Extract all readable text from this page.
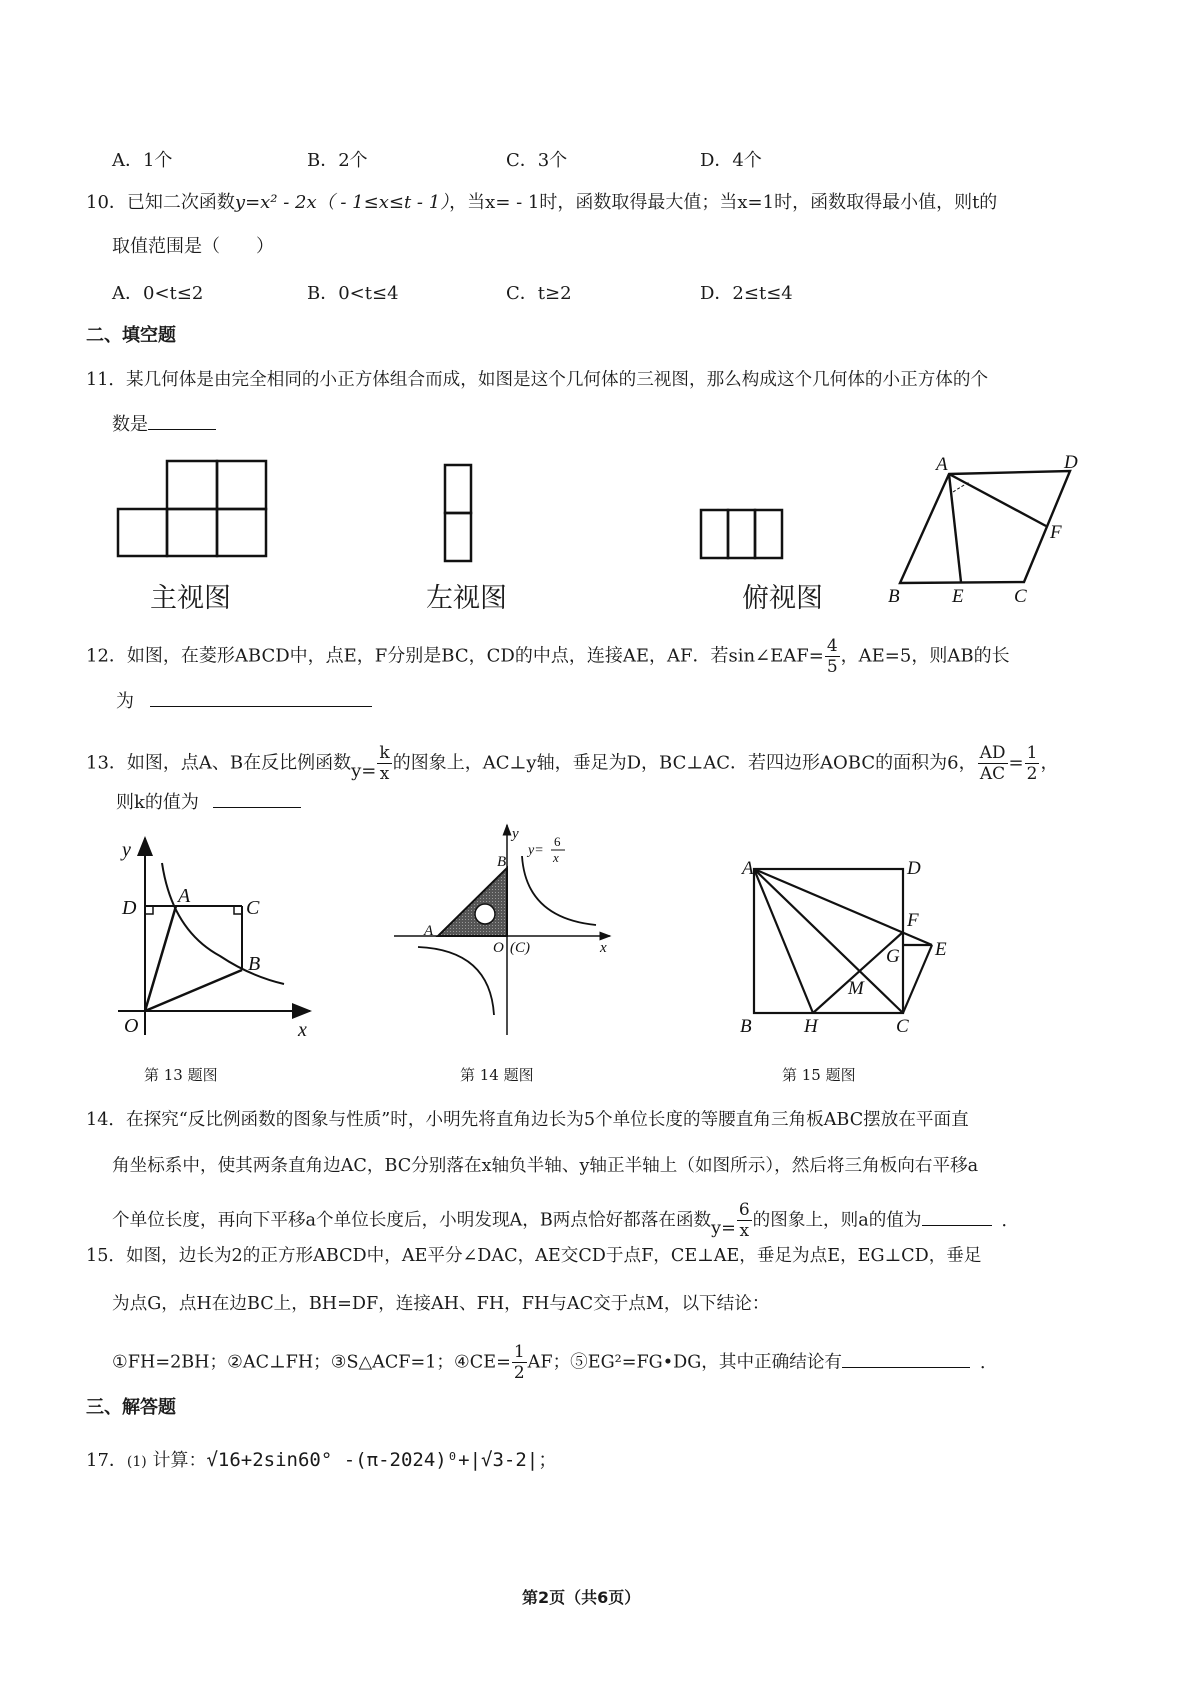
A．1个	B．2个	C．3个	D．4个
10．已知二次函数y=x² - 2x（ - 1≤x≤t - 1），当x= - 1时，函数取得最大值；当x=1时，函数取得最小值，则t的
取值范围是（　　）
A．0<t≤2	B．0<t≤4	C．t≥2	D．2≤t≤4
二、填空题
11．某几何体是由完全相同的小正方体组合而成，如图是这个几何体的三视图，那么构成这个几何体的小正方体的个
数是
主视图	左视图	俯视图
A	D
F
B	E	C
12．如图，在菱形ABCD中，点E，F分别是BC，CD的中点，连接AE，AF．若sin∠EAF= $\frac{4}{5}$ ，AE=5，则AB的长
为
13．如图，点A、B在反比例函数$y= \frac{k}{x}$ 的图象上，AC⊥y轴，垂足为D，BC⊥AC．若四边形AOBC的面积为6， $\frac{AD}{AC} = \frac{1}{2}$ ，
则k的值为
y
D
A
C
B
O	x
第 13 题图
y
B
A
O (C)	x
y=
6
x
第 14 题图
A	D
F
E
G
M
B	H	C
第 15 题图
14．在探究“反比例函数的图象与性质”时，小明先将直角边长为5个单位长度的等腰直角三角板ABC摆放在平面直
角坐标系中，使其两条直角边AC，BC分别落在x轴负半轴、y轴正半轴上（如图所示），然后将三角板向右平移a
个单位长度，再向下平移a个单位长度后，小明发现A，B两点恰好都落在函数$y= \frac{6}{x}$ 的图象上，则a的值为	．
15．如图，边长为2的正方形ABCD中，AE平分∠DAC，AE交CD于点F，CE⊥AE，垂足为点E，EG⊥CD，垂足
为点G，点H在边BC上，BH=DF，连接AH、FH，FH与AC交于点M，以下结论：
①FH=2BH；②AC⊥FH；③S△ACF=1；④CE= $\frac{1}{2}$ AF；⑤EG²=FG•DG，其中正确结论有	．
三、解答题
17．(1) 计算：√16+2sin60° -(π-2024)⁰+|√3-2|；
第2页（共6页）
